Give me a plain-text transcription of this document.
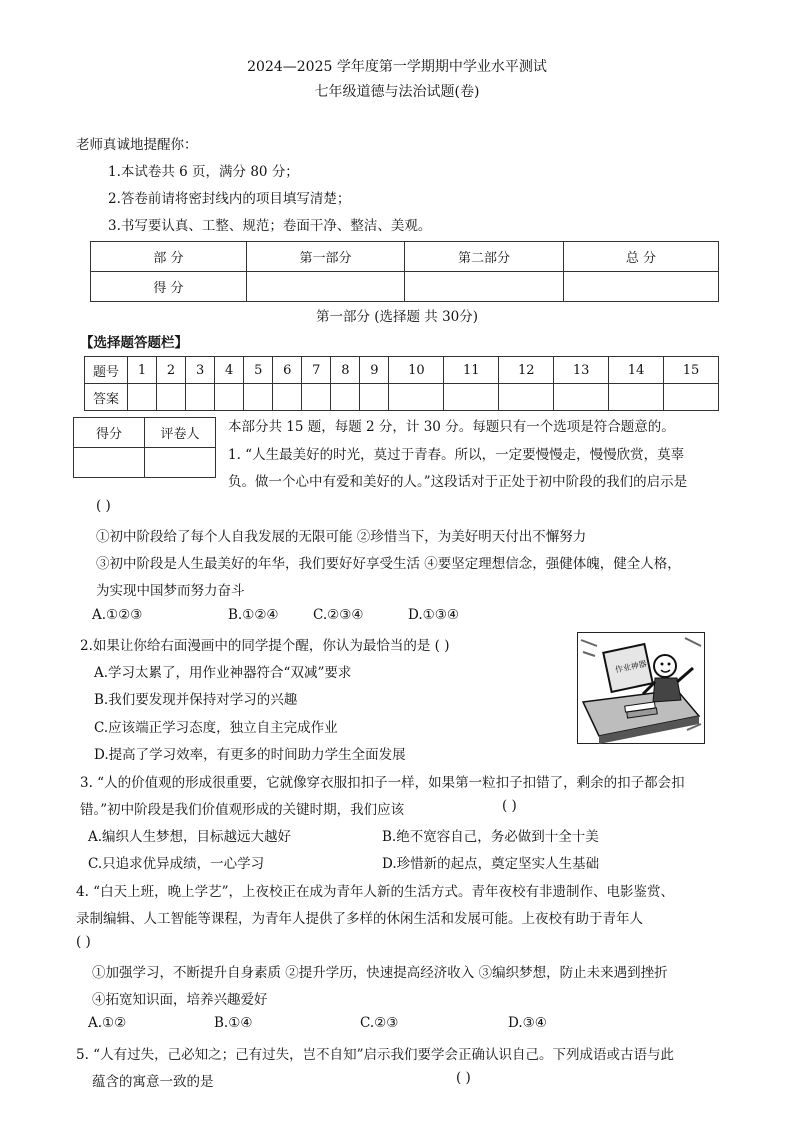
2024—2025 学年度第一学期期中学业水平测试
七年级道德与法治试题(卷)
老师真诚地提醒你：
1.本试卷共 6 页，满分 80 分；
2.答卷前请将密封线内的项目填写清楚；
3.书写要认真、工整、规范；卷面干净、整洁、美观。
部 分	第一部分	第二部分	总 分
得 分			
第一部分 (选择题 共 30分)
【选择题答题栏】
题号	1	2	3	4	5	6	7	8	9	10	11	12	13	14	15
答案															
得分	评卷人
	本部分共 15 题，每题 2 分，计 30 分。每题只有一个选项是符合题意的。
1. “人生最美好的时光，莫过于青春。所以，一定要慢慢走，慢慢欣赏，莫辜
负。做一个心中有爱和美好的人。”这段话对于正处于初中阶段的我们的启示是
( )
①初中阶段给了每个人自我发展的无限可能 ②珍惜当下，为美好明天付出不懈努力
③初中阶段是人生最美好的年华，我们要好好享受生活 ④要坚定理想信念，强健体魄，健全人格，
为实现中国梦而努力奋斗
A.①②③	B.①②④	C.②③④	D.①③④
2.如果让你给右面漫画中的同学提个醒，你认为最恰当的是 ( )
A.学习太累了，用作业神器符合“双减”要求
B.我们要发现并保持对学习的兴趣
C.应该端正学习态度，独立自主完成作业
D.提高了学习效率，有更多的时间助力学生全面发展
作业神器
3. “人的价值观的形成很重要，它就像穿衣服扣扣子一样，如果第一粒扣子扣错了，剩余的扣子都会扣
错。”初中阶段是我们价值观形成的关键时期，我们应该	( )
A.编织人生梦想，目标越远大越好	B.绝不宽容自己，务必做到十全十美
C.只追求优异成绩，一心学习	D.珍惜新的起点，奠定坚实人生基础
4. “白天上班，晚上学艺”，上夜校正在成为青年人新的生活方式。青年夜校有非遗制作、电影鉴赏、
录制编辑、人工智能等课程，为青年人提供了多样的休闲生活和发展可能。上夜校有助于青年人
( )
①加强学习，不断提升自身素质 ②提升学历，快速提高经济收入 ③编织梦想，防止未来遇到挫折
④拓宽知识面，培养兴趣爱好
A.①②	B.①④	C.②③	D.③④
5. “人有过失，己必知之；己有过失，岂不自知”启示我们要学会正确认识自己。下列成语或古语与此
蕴含的寓意一致的是	( )
